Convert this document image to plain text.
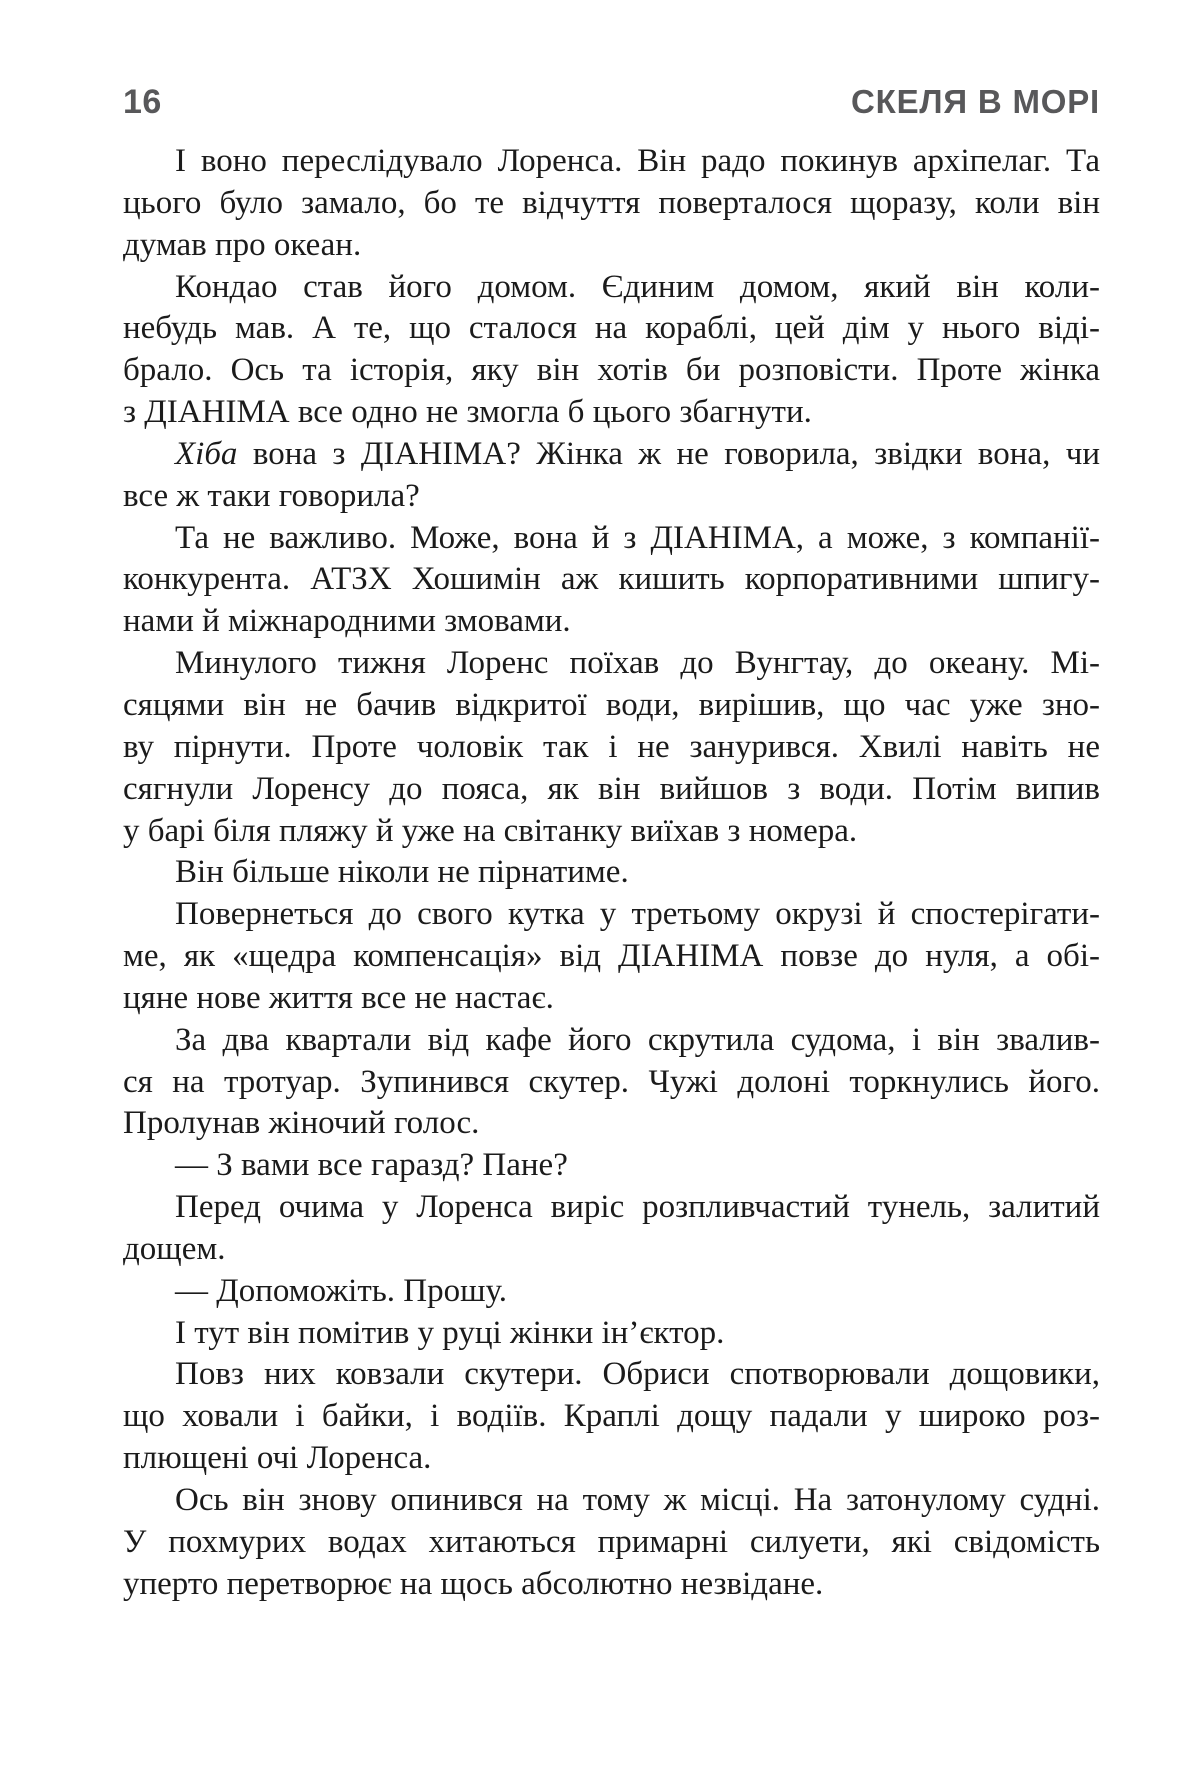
16	СКЕЛЯ В МОРІ
І воно переслідувало Лоренса. Він радо покинув архіпелаг. Та
цього було замало, бо те відчуття поверталося щоразу, коли він
думав про океан.
Кондао став його домом. Єдиним домом, який він коли-
небудь мав. А те, що сталося на кораблі, цей дім у нього віді-
брало. Ось та історія, яку він хотів би розповісти. Проте жінка
з ДІАНІМА все одно не змогла б цього збагнути.
Хіба вона з ДІАНІМА? Жінка ж не говорила, звідки вона, чи
все ж таки говорила?
Та не важливо. Може, вона й з ДІАНІМА, а може, з компанії-
конкурента. АТЗХ Хошимін аж кишить корпоративними шпигу-
нами й міжнародними змовами.
Минулого тижня Лоренс поїхав до Вунгтау, до океану. Мі-
сяцями він не бачив відкритої води, вирішив, що час уже зно-
ву пірнути. Проте чоловік так і не занурився. Хвилі навіть не
сягнули Лоренсу до пояса, як він вийшов з води. Потім випив
у барі біля пляжу й уже на світанку виїхав з номера.
Він більше ніколи не пірнатиме.
Повернеться до свого кутка у третьому окрузі й спостерігати-
ме, як «щедра компенсація» від ДІАНІМА повзе до нуля, а обі-
цяне нове життя все не настає.
За два квартали від кафе його скрутила судома, і він звалив-
ся на тротуар. Зупинився скутер. Чужі долоні торкнулись його.
Пролунав жіночий голос.
— З вами все гаразд? Пане?
Перед очима у Лоренса виріс розпливчастий тунель, залитий
дощем.
— Допоможіть. Прошу.
І тут він помітив у руці жінки ін’єктор.
Повз них ковзали скутери. Обриси спотворювали дощовики,
що ховали і байки, і водіїв. Краплі дощу падали у широко роз-
плющені очі Лоренса.
Ось він знову опинився на тому ж місці. На затонулому судні.
У похмурих водах хитаються примарні силуети, які свідомість
уперто перетворює на щось абсолютно незвідане.
